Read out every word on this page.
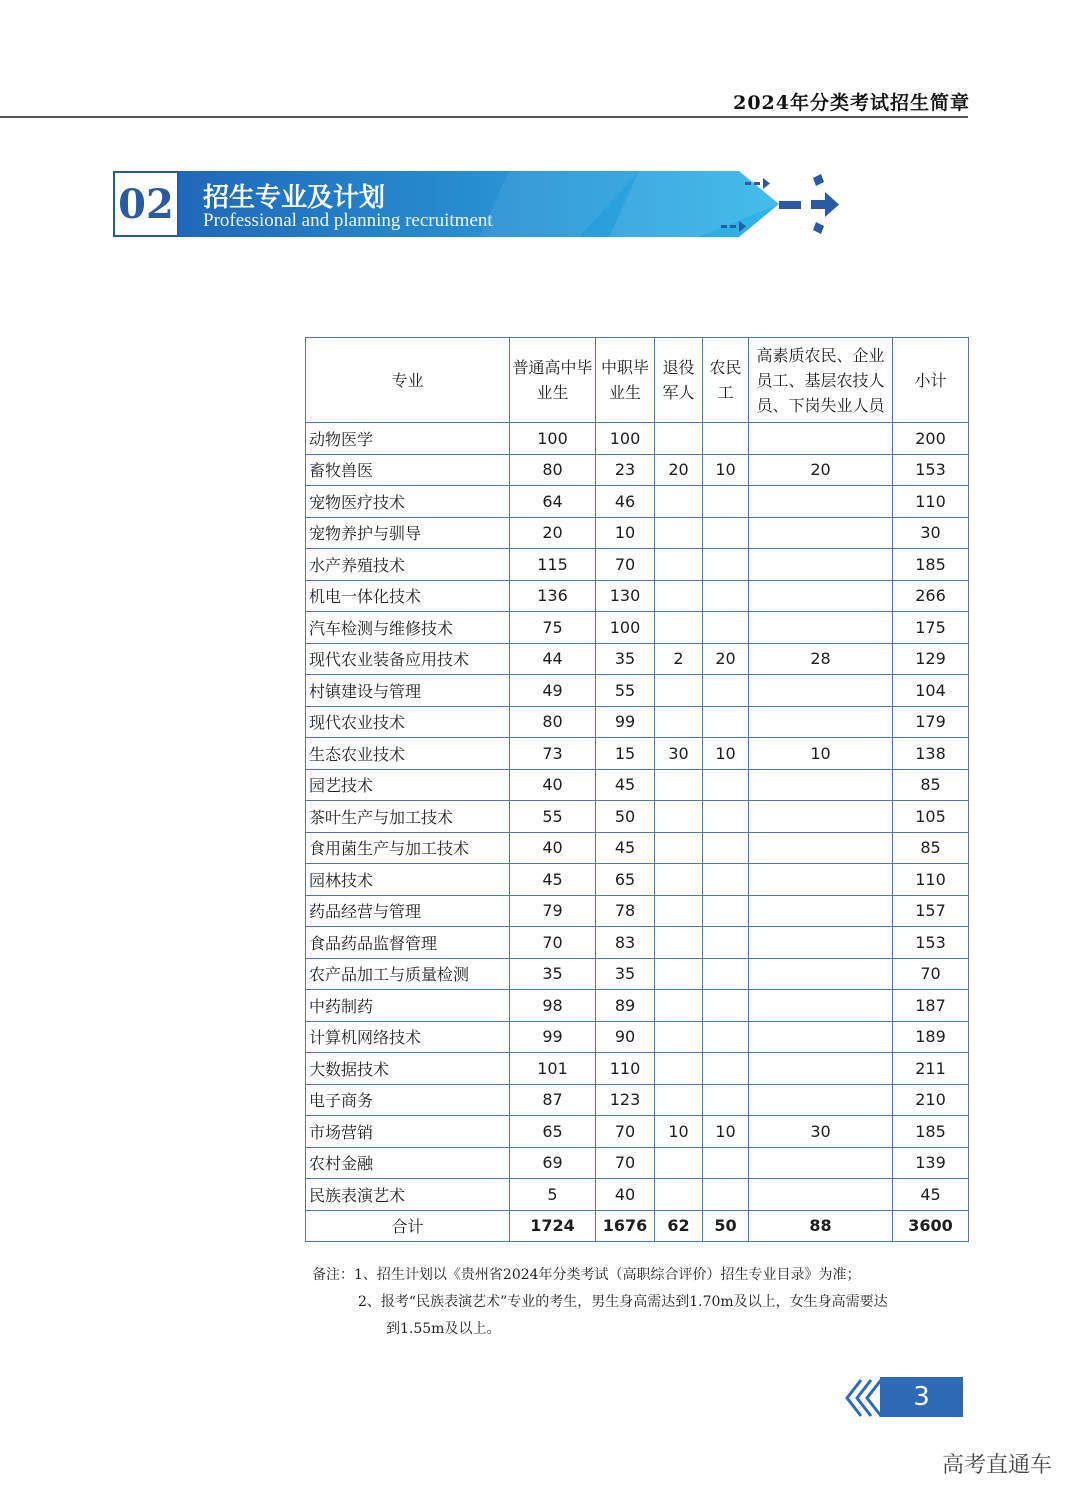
2024年分类考试招生简章
02 招生专业及计划
Professional and planning recruitment
专业	普通高中毕业生	中职毕业生	退役军人	农民工	高素质农民、企业员工、基层农技人员、下岗失业人员	小计
动物医学	100	100				200
畜牧兽医	80	23	20	10	20	153
宠物医疗技术	64	46				110
宠物养护与驯导	20	10				30
水产养殖技术	115	70				185
机电一体化技术	136	130				266
汽车检测与维修技术	75	100				175
现代农业装备应用技术	44	35	2	20	28	129
村镇建设与管理	49	55				104
现代农业技术	80	99				179
生态农业技术	73	15	30	10	10	138
园艺技术	40	45				85
茶叶生产与加工技术	55	50				105
食用菌生产与加工技术	40	45				85
园林技术	45	65				110
药品经营与管理	79	78				157
食品药品监督管理	70	83				153
农产品加工与质量检测	35	35				70
中药制药	98	89				187
计算机网络技术	99	90				189
大数据技术	101	110				211
电子商务	87	123				210
市场营销	65	70	10	10	30	185
农村金融	69	70				139
民族表演艺术	5	40				45
合计	1724	1676	62	50	88	3600
备注：1、招生计划以《贵州省2024年分类考试（高职综合评价）招生专业目录》为准；
2、报考“民族表演艺术”专业的考生，男生身高需达到1.70m及以上，女生身高需要达
到1.55m及以上。
3
高考直通车
